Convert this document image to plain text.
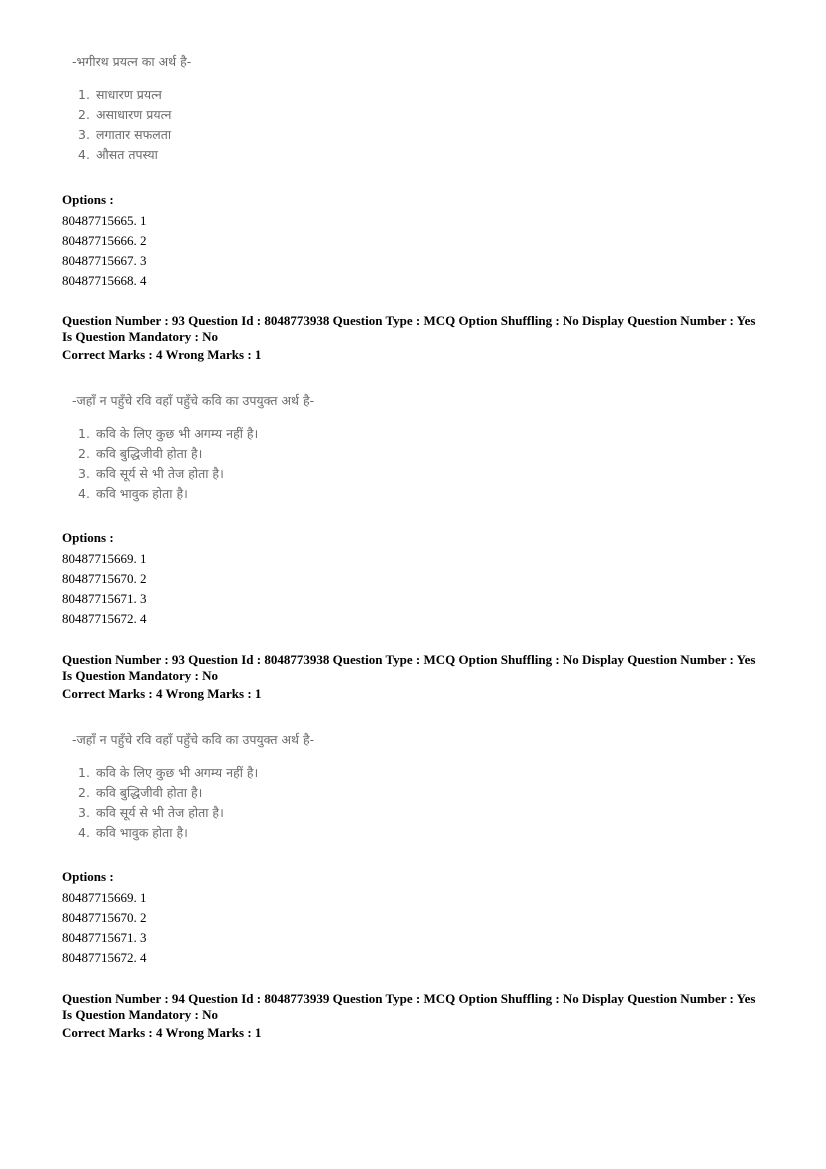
-भगीरथ प्रयत्न का अर्थ है-
1. साधारण प्रयत्न
2. असाधारण प्रयत्न
3. लगातार सफलता
4. औसत तपस्या
Options :
80487715665. 1
80487715666. 2
80487715667. 3
80487715668. 4
Question Number : 93 Question Id : 8048773938 Question Type : MCQ Option Shuffling : No Display Question Number : Yes
Is Question Mandatory : No
Correct Marks : 4 Wrong Marks : 1
-जहाँ न पहुँचे रवि वहाँ पहुँचे कवि का उपयुक्त अर्थ है-
1. कवि के लिए कुछ भी अगम्य नहीं है।
2. कवि बुद्धिजीवी होता है।
3. कवि सूर्य से भी तेज होता है।
4. कवि भावुक होता है।
Options :
80487715669. 1
80487715670. 2
80487715671. 3
80487715672. 4
Question Number : 93 Question Id : 8048773938 Question Type : MCQ Option Shuffling : No Display Question Number : Yes
Is Question Mandatory : No
Correct Marks : 4 Wrong Marks : 1
-जहाँ न पहुँचे रवि वहाँ पहुँचे कवि का उपयुक्त अर्थ है-
1. कवि के लिए कुछ भी अगम्य नहीं है।
2. कवि बुद्धिजीवी होता है।
3. कवि सूर्य से भी तेज होता है।
4. कवि भावुक होता है।
Options :
80487715669. 1
80487715670. 2
80487715671. 3
80487715672. 4
Question Number : 94 Question Id : 8048773939 Question Type : MCQ Option Shuffling : No Display Question Number : Yes
Is Question Mandatory : No
Correct Marks : 4 Wrong Marks : 1
